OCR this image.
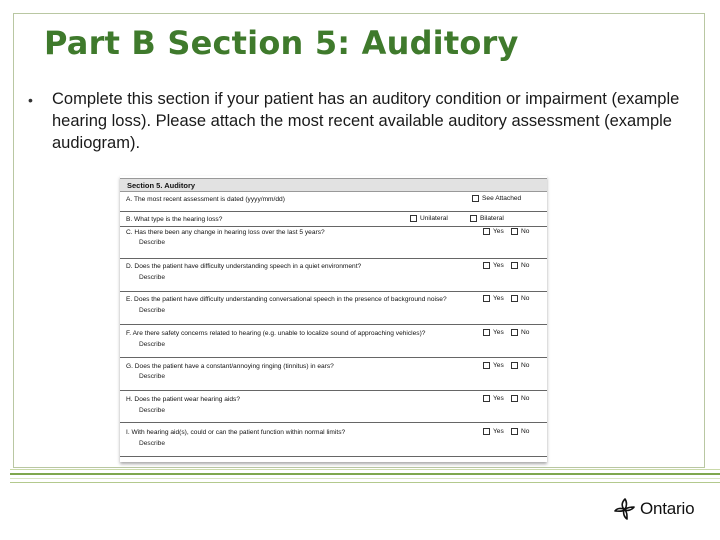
Part B Section 5: Auditory
• Complete this section if your patient has an auditory condition or impairment (example hearing loss). Please attach the most recent available auditory assessment (example audiogram).
Section 5. Auditory
A. The most recent assessment is dated (yyyy/mm/dd)	See Attached
B. What type is the hearing loss?	Unilateral	Bilateral
C. Has there been any change in hearing loss over the last 5 years?
Describe
Yes	No
D. Does the patient have difficulty understanding speech in a quiet environment?
Describe
Yes	No
E. Does the patient have difficulty understanding conversational speech in the presence of background noise?
Describe
Yes	No
F. Are there safety concerns related to hearing (e.g. unable to localize sound of approaching vehicles)?
Describe
Yes	No
G. Does the patient have a constant/annoying ringing (tinnitus) in ears?
Describe
Yes	No
H. Does the patient wear hearing aids?
Describe
Yes	No
I. With hearing aid(s), could or can the patient function within normal limits?
Describe
Yes	No
Ontario
